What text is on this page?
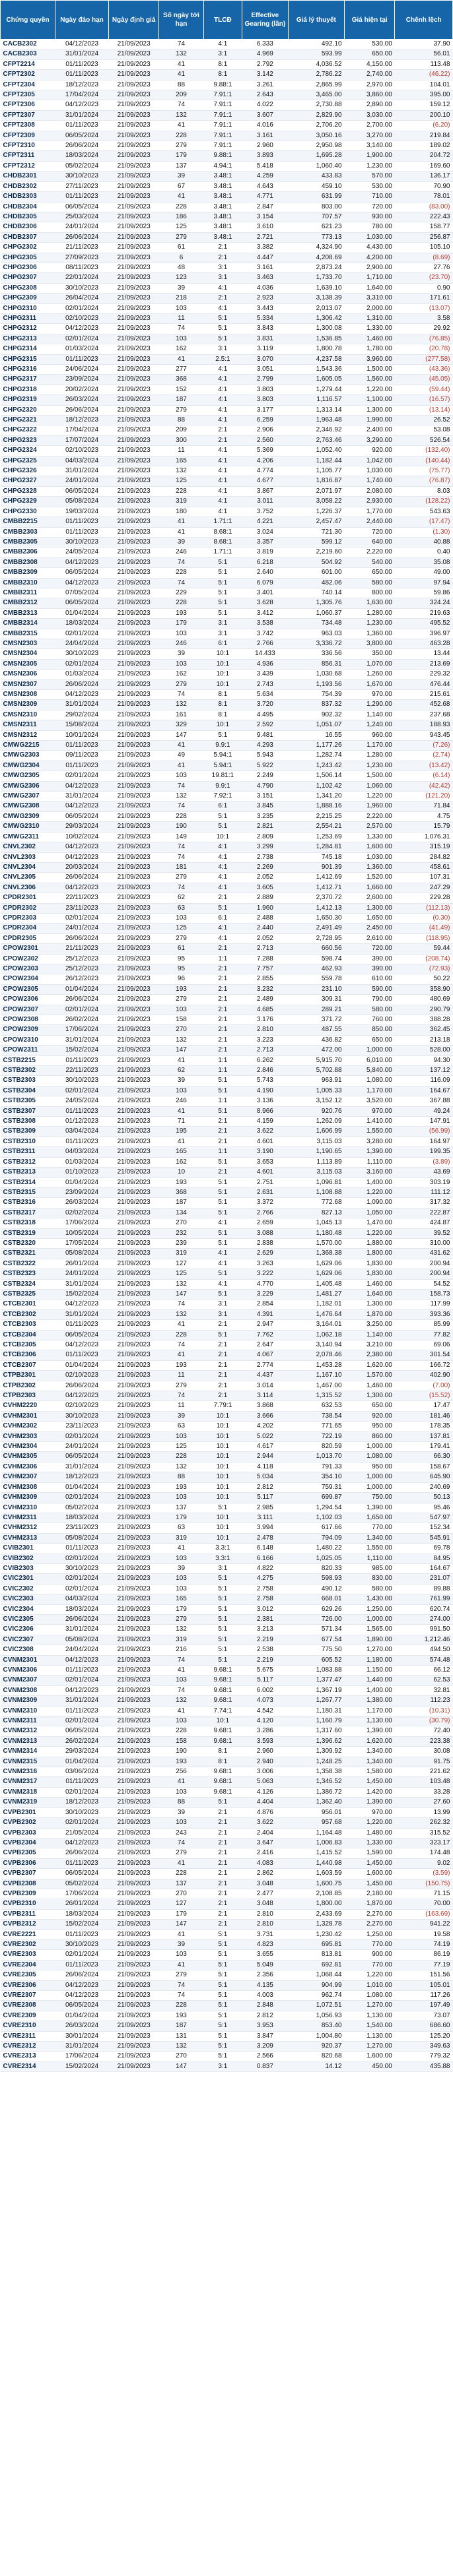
Chứng quyền	Ngày đáo hạn	Ngày định giá	Số ngày tới hạn	TLCĐ	Effective Gearing (lần)	Giá lý thuyết	Giá hiện tại	Chênh lệch
CACB2302	04/12/2023	21/09/2023	74	4:1	6.333	492.10	530.00	37.90
CACB2303	31/01/2024	21/09/2023	132	3:1	4.969	593.99	650.00	56.01
CFPT2214	01/11/2023	21/09/2023	41	8:1	2.792	4,036.52	4,150.00	113.48
CFPT2302	01/11/2023	21/09/2023	41	8:1	3.142	2,786.22	2,740.00	(46.22)
CFPT2304	18/12/2023	21/09/2023	88	9.88:1	3.261	2,865.99	2,970.00	104.01
CFPT2305	17/04/2024	21/09/2023	209	7.91:1	2.643	3,465.00	3,860.00	395.00
CFPT2306	04/12/2023	21/09/2023	74	7.91:1	4.022	2,730.88	2,890.00	159.12
CFPT2307	31/01/2024	21/09/2023	132	7.91:1	3.607	2,829.90	3,030.00	200.10
CFPT2308	01/11/2023	21/09/2023	41	7.91:1	4.016	2,706.20	2,700.00	(6.20)
CFPT2309	06/05/2024	21/09/2023	228	7.91:1	3.161	3,050.16	3,270.00	219.84
CFPT2310	26/06/2024	21/09/2023	279	7.91:1	2.960	2,950.98	3,140.00	189.02
CFPT2311	18/03/2024	21/09/2023	179	9.88:1	3.893	1,695.28	1,900.00	204.72
CFPT2312	05/02/2024	21/09/2023	137	4.94:1	5.418	1,060.40	1,230.00	169.60
CHDB2301	30/10/2023	21/09/2023	39	3.48:1	4.259	433.83	570.00	136.17
CHDB2302	27/11/2023	21/09/2023	67	3.48:1	4.643	459.10	530.00	70.90
CHDB2303	01/11/2023	21/09/2023	41	3.48:1	4.771	631.99	710.00	78.01
CHDB2304	06/05/2024	21/09/2023	228	3.48:1	2.847	803.00	720.00	(83.00)
CHDB2305	25/03/2024	21/09/2023	186	3.48:1	3.154	707.57	930.00	222.43
CHDB2306	24/01/2024	21/09/2023	125	3.48:1	3.610	621.23	780.00	158.77
CHDB2307	26/06/2024	21/09/2023	279	3.48:1	2.721	773.13	1,030.00	256.87
CHPG2302	21/11/2023	21/09/2023	61	2:1	3.382	4,324.90	4,430.00	105.10
CHPG2305	27/09/2023	21/09/2023	6	2:1	4.447	4,208.69	4,200.00	(8.69)
CHPG2306	08/11/2023	21/09/2023	48	3:1	3.161	2,873.24	2,900.00	27.76
CHPG2307	22/01/2024	21/09/2023	123	3:1	3.463	1,733.70	1,710.00	(23.70)
CHPG2308	30/10/2023	21/09/2023	39	4:1	4.036	1,639.10	1,640.00	0.90
CHPG2309	26/04/2024	21/09/2023	218	2:1	2.923	3,138.39	3,310.00	171.61
CHPG2310	02/01/2024	21/09/2023	103	4:1	3.443	2,013.07	2,000.00	(13.07)
CHPG2311	02/10/2023	21/09/2023	11	5:1	5.334	1,306.42	1,310.00	3.58
CHPG2312	04/12/2023	21/09/2023	74	5:1	3.843	1,300.08	1,330.00	29.92
CHPG2313	02/01/2024	21/09/2023	103	5:1	3.831	1,536.85	1,460.00	(76.85)
CHPG2314	01/03/2024	21/09/2023	162	3:1	3.119	1,800.78	1,780.00	(20.78)
CHPG2315	01/11/2023	21/09/2023	41	2.5:1	3.070	4,237.58	3,960.00	(277.58)
CHPG2316	24/06/2024	21/09/2023	277	4:1	3.051	1,543.36	1,500.00	(43.36)
CHPG2317	23/09/2024	21/09/2023	368	4:1	2.799	1,605.05	1,560.00	(45.05)
CHPG2318	20/02/2024	21/09/2023	152	4:1	3.803	1,279.44	1,220.00	(59.44)
CHPG2319	26/03/2024	21/09/2023	187	4:1	3.803	1,116.57	1,100.00	(16.57)
CHPG2320	26/06/2024	21/09/2023	279	4:1	3.177	1,313.14	1,300.00	(13.14)
CHPG2321	18/12/2023	21/09/2023	88	4:1	6.259	1,963.48	1,990.00	26.52
CHPG2322	17/04/2024	21/09/2023	209	2:1	2.906	2,346.92	2,400.00	53.08
CHPG2323	17/07/2024	21/09/2023	300	2:1	2.560	2,763.46	3,290.00	526.54
CHPG2324	02/10/2023	21/09/2023	11	4:1	5.369	1,052.40	920.00	(132.40)
CHPG2325	04/03/2024	21/09/2023	165	4:1	4.206	1,182.44	1,042.00	(140.44)
CHPG2326	31/01/2024	21/09/2023	132	4:1	4.774	1,105.77	1,030.00	(75.77)
CHPG2327	24/01/2024	21/09/2023	125	4:1	4.677	1,816.87	1,740.00	(76.87)
CHPG2328	06/05/2024	21/09/2023	228	4:1	3.867	2,071.97	2,080.00	8.03
CHPG2329	05/08/2024	21/09/2023	319	4:1	3.011	3,058.22	2,930.00	(128.22)
CHPG2330	19/03/2024	21/09/2023	180	4:1	3.752	1,226.37	1,770.00	543.63
CMBB2215	01/11/2023	21/09/2023	41	1.71:1	4.221	2,457.47	2,440.00	(17.47)
CMBB2303	01/11/2023	21/09/2023	41	8.68:1	3.024	721.30	720.00	(1.30)
CMBB2305	30/10/2023	21/09/2023	39	8.68:1	3.357	599.12	640.00	40.88
CMBB2306	24/05/2024	21/09/2023	246	1.71:1	3.819	2,219.60	2,220.00	0.40
CMBB2308	04/12/2023	21/09/2023	74	5:1	6.218	504.92	540.00	35.08
CMBB2309	06/05/2024	21/09/2023	228	5:1	2.640	601.00	650.00	49.00
CMBB2310	04/12/2023	21/09/2023	74	5:1	6.079	482.06	580.00	97.94
CMBB2311	07/05/2024	21/09/2023	229	5:1	3.401	740.14	800.00	59.86
CMBB2312	06/05/2024	21/09/2023	228	5:1	3.628	1,305.76	1,630.00	324.24
CMBB2313	01/04/2024	21/09/2023	193	5:1	3.412	1,060.37	1,280.00	219.63
CMBB2314	18/03/2024	21/09/2023	179	3:1	3.538	734.48	1,230.00	495.52
CMBB2315	02/01/2024	21/09/2023	103	3:1	3.742	963.03	1,360.00	396.97
CMSN2303	24/04/2024	21/09/2023	246	6:1	2.766	3,336.72	3,800.00	463.28
CMSN2304	30/10/2023	21/09/2023	39	10:1	14.433	336.56	350.00	13.44
CMSN2305	02/01/2024	21/09/2023	103	10:1	4.936	856.31	1,070.00	213.69
CMSN2306	01/03/2024	21/09/2023	162	10:1	3.439	1,030.68	1,260.00	229.32
CMSN2307	26/06/2024	21/09/2023	279	10:1	2.743	1,193.56	1,670.00	476.44
CMSN2308	04/12/2023	21/09/2023	74	8:1	5.634	754.39	970.00	215.61
CMSN2309	31/01/2024	21/09/2023	132	8:1	3.720	837.32	1,290.00	452.68
CMSN2310	29/02/2024	21/09/2023	161	8:1	4.495	902.32	1,140.00	237.68
CMSN2311	15/08/2024	21/09/2023	329	10:1	2.592	1,051.07	1,240.00	188.93
CMSN2312	10/01/2024	21/09/2023	147	5:1	9.481	16.55	960.00	943.45
CMWG2215	01/11/2023	21/09/2023	41	9.9:1	4.293	1,177.26	1,170.00	(7.26)
CMWG2303	09/11/2023	21/09/2023	49	5.94:1	5.943	1,282.74	1,280.00	(2.74)
CMWG2304	01/11/2023	21/09/2023	41	5.94:1	5.922	1,243.42	1,230.00	(13.42)
CMWG2305	02/01/2024	21/09/2023	103	19.81:1	2.249	1,506.14	1,500.00	(6.14)
CMWG2306	04/12/2023	21/09/2023	74	9.9:1	4.790	1,102.42	1,060.00	(42.42)
CMWG2307	31/01/2024	21/09/2023	132	7.92:1	3.151	1,341.20	1,220.00	(121.20)
CMWG2308	04/12/2023	21/09/2023	74	6:1	3.845	1,888.16	1,960.00	71.84
CMWG2309	06/05/2024	21/09/2023	228	5:1	3.235	2,215.25	2,220.00	4.75
CMWG2310	29/03/2024	21/09/2023	190	5:1	2.821	2,554.21	2,570.00	15.79
CMWG2311	10/02/2024	21/09/2023	149	10:1	2.809	1,253.69	1,330.00	1,076.31
CNVL2302	04/12/2023	21/09/2023	74	4:1	3.299	1,284.81	1,600.00	315.19
CNVL2303	04/12/2023	21/09/2023	74	4:1	2.738	745.18	1,030.00	284.82
CNVL2304	20/03/2024	21/09/2023	181	4:1	2.269	901.39	1,360.00	458.61
CNVL2305	26/06/2024	21/09/2023	279	4:1	2.052	1,412.69	1,520.00	107.31
CNVL2306	04/12/2023	21/09/2023	74	4:1	3.605	1,412.71	1,660.00	247.29
CPDR2301	22/11/2023	21/09/2023	62	2:1	2.889	2,370.72	2,600.00	229.28
CPDR2302	23/11/2023	21/09/2023	63	5:1	1.960	1,412.13	1,300.00	(112.13)
CPDR2303	02/01/2024	21/09/2023	103	6:1	2.488	1,650.30	1,650.00	(0.30)
CPDR2304	24/01/2024	21/09/2023	125	4:1	2.440	2,491.49	2,450.00	(41.49)
CPDR2305	26/06/2024	21/09/2023	279	4:1	2.052	2,728.95	2,610.00	(118.95)
CPOW2301	21/11/2023	21/09/2023	61	2:1	2.713	660.56	720.00	59.44
CPOW2302	25/12/2023	21/09/2023	95	1:1	7.288	598.74	390.00	(208.74)
CPOW2303	25/12/2023	21/09/2023	95	2:1	7.757	462.93	390.00	(72.93)
CPOW2304	26/12/2023	21/09/2023	96	2:1	2.855	559.78	610.00	50.22
CPOW2305	01/04/2024	21/09/2023	193	2:1	3.232	231.10	590.00	358.90
CPOW2306	26/06/2024	21/09/2023	279	2:1	2.489	309.31	790.00	480.69
CPOW2307	02/01/2024	21/09/2023	103	2:1	4.685	289.21	580.00	290.79
CPOW2308	26/02/2024	21/09/2023	158	2:1	3.176	371.72	760.00	388.28
CPOW2309	17/06/2024	21/09/2023	270	2:1	2.810	487.55	850.00	362.45
CPOW2310	31/01/2024	21/09/2023	132	2:1	3.223	436.82	650.00	213.18
CPOW2311	15/02/2024	21/09/2023	147	2:1	2.713	472.00	1,000.00	528.00
CSTB2215	01/11/2023	21/09/2023	41	1:1	6.262	5,915.70	6,010.00	94.30
CSTB2302	22/11/2023	21/09/2023	62	1:1	2.846	5,702.88	5,840.00	137.12
CSTB2303	30/10/2023	21/09/2023	39	5:1	5.743	963.91	1,080.00	116.09
CSTB2304	02/01/2024	21/09/2023	103	5:1	4.190	1,005.33	1,170.00	164.67
CSTB2305	24/05/2024	21/09/2023	246	1:1	3.136	3,152.12	3,520.00	367.88
CSTB2307	01/11/2023	21/09/2023	41	5:1	8.966	920.76	970.00	49.24
CSTB2308	01/12/2023	21/09/2023	71	2:1	4.159	1,262.09	1,410.00	147.91
CSTB2309	03/04/2024	21/09/2023	195	2:1	3.622	1,606.99	1,550.00	(56.99)
CSTB2310	01/11/2023	21/09/2023	41	2:1	4.601	3,115.03	3,280.00	164.97
CSTB2311	04/03/2024	21/09/2023	165	1:1	3.190	1,190.65	1,390.00	199.35
CSTB2312	01/03/2024	21/09/2023	162	5:1	3.653	1,113.89	1,110.00	(3.89)
CSTB2313	01/10/2023	21/09/2023	10	2:1	4.601	3,115.03	3,160.00	43.69
CSTB2314	01/04/2024	21/09/2023	193	5:1	2.751	1,096.81	1,400.00	303.19
CSTB2315	23/09/2024	21/09/2023	368	5:1	2.631	1,108.88	1,220.00	111.12
CSTB2316	26/03/2024	21/09/2023	187	5:1	3.372	772.68	1,090.00	317.32
CSTB2317	02/02/2024	21/09/2023	134	5:1	2.766	827.13	1,050.00	222.87
CSTB2318	17/06/2024	21/09/2023	270	4:1	2.659	1,045.13	1,470.00	424.87
CSTB2319	10/05/2024	21/09/2023	232	5:1	3.088	1,180.48	1,220.00	39.52
CSTB2320	17/05/2024	21/09/2023	239	5:1	2.838	1,570.00	1,880.00	310.00
CSTB2321	05/08/2024	21/09/2023	319	4:1	2.629	1,368.38	1,800.00	431.62
CSTB2322	26/01/2024	21/09/2023	127	4:1	3.263	1,629.06	1,830.00	200.94
CSTB2323	24/01/2024	21/09/2023	125	5:1	3.222	1,629.06	1,830.00	200.94
CSTB2324	31/01/2024	21/09/2023	132	4:1	4.770	1,405.48	1,460.00	54.52
CSTB2325	15/02/2024	21/09/2023	147	5:1	3.229	1,481.27	1,640.00	158.73
CTCB2301	04/12/2023	21/09/2023	74	3:1	2.854	1,182.01	1,300.00	117.99
CTCB2302	31/01/2024	21/09/2023	132	3:1	4.391	1,476.64	1,870.00	393.36
CTCB2303	01/11/2023	21/09/2023	41	2:1	2.947	3,164.01	3,250.00	85.99
CTCB2304	06/05/2024	21/09/2023	228	5:1	7.762	1,062.18	1,140.00	77.82
CTCB2305	04/12/2023	21/09/2023	74	2:1	2.647	3,140.94	3,210.00	69.06
CTCB2306	01/11/2023	21/09/2023	41	2:1	4.067	2,078.46	2,380.00	301.54
CTCB2307	01/04/2024	21/09/2023	193	2:1	2.774	1,453.28	1,620.00	166.72
CTPB2301	02/10/2023	21/09/2023	11	2:1	4.437	1,167.10	1,570.00	402.90
CTPB2302	26/06/2024	21/09/2023	279	2:1	3.014	1,467.00	1,460.00	(7.00)
CTPB2303	04/12/2023	21/09/2023	74	2:1	3.114	1,315.52	1,300.00	(15.52)
CVHM2220	02/10/2023	21/09/2023	11	7.79:1	3.868	632.53	650.00	17.47
CVHM2301	30/10/2023	21/09/2023	39	10:1	3.666	738.54	920.00	181.46
CVHM2302	23/11/2023	21/09/2023	63	10:1	4.202	771.65	950.00	178.35
CVHM2303	02/01/2024	21/09/2023	103	10:1	5.022	722.19	860.00	137.81
CVHM2304	24/01/2024	21/09/2023	125	10:1	4.617	820.59	1,000.00	179.41
CVHM2305	06/05/2024	21/09/2023	228	10:1	2.944	1,013.70	1,080.00	66.30
CVHM2306	31/01/2024	21/09/2023	132	10:1	4.118	791.33	950.00	158.67
CVHM2307	18/12/2023	21/09/2023	88	10:1	5.034	354.10	1,000.00	645.90
CVHM2308	01/04/2024	21/09/2023	193	10:1	2.812	759.31	1,000.00	240.69
CVHM2309	02/01/2024	21/09/2023	103	10:1	5.117	699.87	750.00	50.13
CVHM2310	05/02/2024	21/09/2023	137	5:1	2.985	1,294.54	1,390.00	95.46
CVHM2311	18/03/2024	21/09/2023	179	10:1	3.111	1,102.03	1,650.00	547.97
CVHM2312	23/11/2023	21/09/2023	63	10:1	3.994	617.66	770.00	152.34
CVHM2313	05/08/2024	21/09/2023	319	10:1	2.478	794.09	1,340.00	545.91
CVIB2301	01/11/2023	21/09/2023	41	3.3:1	6.148	1,480.22	1,550.00	69.78
CVIB2302	02/01/2024	21/09/2023	103	3.3:1	6.166	1,025.05	1,110.00	84.95
CVIB2303	30/10/2023	21/09/2023	39	3:1	4.822	820.33	985.00	164.67
CVIC2301	02/01/2024	21/09/2023	103	5:1	4.275	598.93	830.00	231.07
CVIC2302	02/01/2024	21/09/2023	103	5:1	2.758	490.12	580.00	89.88
CVIC2303	04/03/2024	21/09/2023	165	5:1	2.758	668.01	1,430.00	761.99
CVIC2304	18/03/2024	21/09/2023	179	5:1	3.012	629.26	1,250.00	620.74
CVIC2305	26/06/2024	21/09/2023	279	5:1	2.381	726.00	1,000.00	274.00
CVIC2306	31/01/2024	21/09/2023	132	5:1	3.213	571.34	1,565.00	991.50
CVIC2307	05/08/2024	21/09/2023	319	5:1	2.219	677.54	1,890.00	1,212.46
CVIC2308	24/04/2024	21/09/2023	216	5:1	2.538	775.50	1,270.00	494.50
CVNM2301	04/12/2023	21/09/2023	74	5:1	2.219	605.52	1,180.00	574.48
CVNM2306	01/11/2023	21/09/2023	41	9.68:1	5.675	1,083.88	1,150.00	66.12
CVNM2307	02/01/2024	21/09/2023	103	9.68:1	5.117	1,377.47	1,440.00	62.53
CVNM2308	04/12/2023	21/09/2023	74	9.68:1	6.002	1,367.19	1,400.00	32.81
CVNM2309	31/01/2024	21/09/2023	132	9.68:1	4.073	1,267.77	1,380.00	112.23
CVNM2310	01/11/2023	21/09/2023	41	7.74:1	4.542	1,180.31	1,170.00	(10.31)
CVNM2311	02/01/2024	21/09/2023	103	10:1	4.120	1,160.79	1,130.00	(30.79)
CVNM2312	06/05/2024	21/09/2023	228	9.68:1	3.286	1,317.60	1,390.00	72.40
CVNM2313	26/02/2024	21/09/2023	158	9.68:1	3.593	1,396.62	1,620.00	223.38
CVNM2314	29/03/2024	21/09/2023	190	8:1	2.960	1,309.92	1,340.00	30.08
CVNM2315	01/04/2024	21/09/2023	193	8:1	2.940	1,248.25	1,340.00	91.75
CVNM2316	03/06/2024	21/09/2023	256	9.68:1	3.006	1,358.38	1,580.00	221.62
CVNM2317	01/11/2023	21/09/2023	41	9.68:1	5.063	1,346.52	1,450.00	103.48
CVNM2318	02/01/2024	21/09/2023	103	9.68:1	4.126	1,386.72	1,420.00	33.28
CVNM2319	18/12/2023	21/09/2023	88	5:1	4.404	1,362.40	1,390.00	27.60
CVPB2301	30/10/2023	21/09/2023	39	2:1	4.876	956.01	970.00	13.99
CVPB2302	02/01/2024	21/09/2023	103	2:1	3.622	957.68	1,220.00	262.32
CVPB2303	21/05/2024	21/09/2023	243	2:1	2.404	1,164.48	1,480.00	315.52
CVPB2304	04/12/2023	21/09/2023	74	2:1	3.647	1,006.83	1,330.00	323.17
CVPB2305	26/06/2024	21/09/2023	279	2:1	2.416	1,415.52	1,590.00	174.48
CVPB2306	01/11/2023	21/09/2023	41	2:1	4.083	1,440.98	1,450.00	9.02
CVPB2307	06/05/2024	21/09/2023	228	2:1	2.862	1,603.59	1,600.00	(3.59)
CVPB2308	05/02/2024	21/09/2023	137	2:1	3.048	1,600.75	1,450.00	(150.75)
CVPB2309	17/06/2024	21/09/2023	270	2:1	2.477	2,108.85	2,180.00	71.15
CVPB2310	26/01/2024	21/09/2023	127	2:1	3.048	1,800.00	1,870.00	70.00
CVPB2311	18/03/2024	21/09/2023	179	2:1	2.810	2,433.69	2,270.00	(163.69)
CVPB2312	15/02/2024	21/09/2023	147	2:1	2.810	1,328.78	2,270.00	941.22
CVRE2221	01/11/2023	21/09/2023	41	5:1	3.731	1,230.42	1,250.00	19.58
CVRE2302	30/10/2023	21/09/2023	39	5:1	4.823	695.81	770.00	74.19
CVRE2303	02/01/2024	21/09/2023	103	5:1	3.655	813.81	900.00	86.19
CVRE2304	01/11/2023	21/09/2023	41	5:1	5.049	692.81	770.00	77.19
CVRE2305	26/06/2024	21/09/2023	279	5:1	2.356	1,068.44	1,220.00	151.56
CVRE2306	04/12/2023	21/09/2023	74	5:1	4.135	904.99	1,010.00	105.01
CVRE2307	04/12/2023	21/09/2023	74	5:1	4.003	962.74	1,080.00	117.26
CVRE2308	06/05/2024	21/09/2023	228	5:1	2.848	1,072.51	1,270.00	197.49
CVRE2309	01/04/2024	21/09/2023	193	5:1	2.812	1,056.93	1,130.00	73.07
CVRE2310	26/03/2024	21/09/2023	187	5:1	3.953	853.40	1,540.00	686.60
CVRE2311	30/01/2024	21/09/2023	131	5:1	3.847	1,004.80	1,130.00	125.20
CVRE2312	31/01/2024	21/09/2023	132	5:1	3.209	920.37	1,270.00	349.63
CVRE2313	17/06/2024	21/09/2023	270	5:1	2.566	820.68	1,600.00	779.32
CVRE2314	15/02/2024	21/09/2023	147	3:1	0.837	14.12	450.00	435.88
